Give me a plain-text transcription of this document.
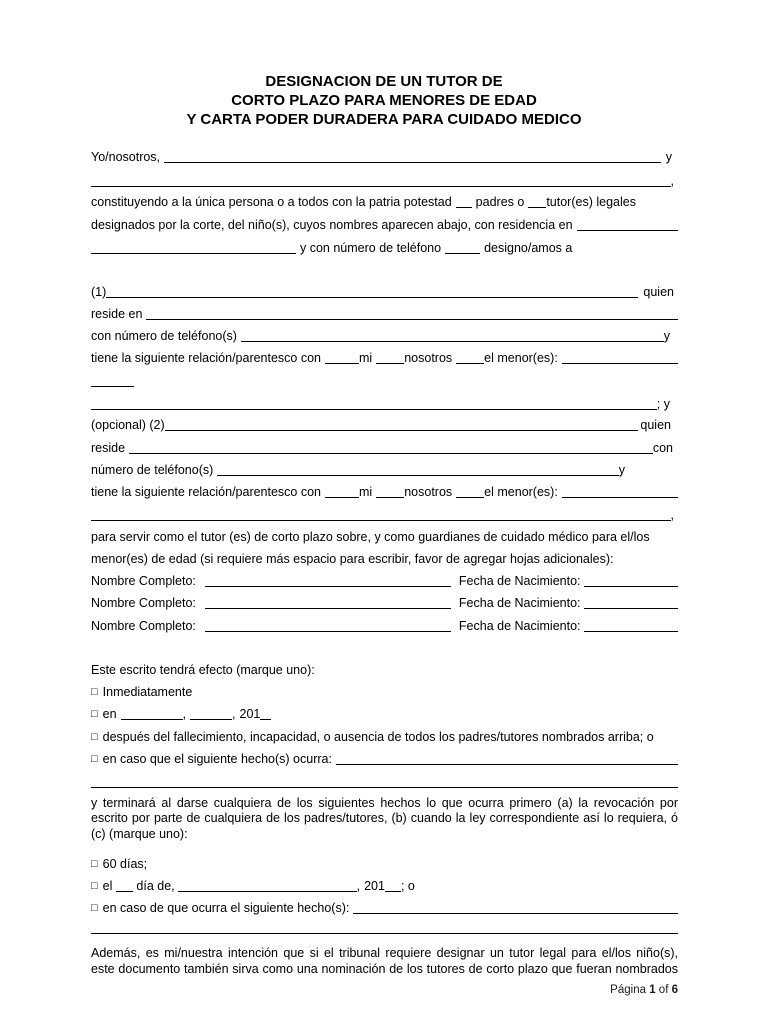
DESIGNACION DE UN TUTOR DE
CORTO PLAZO PARA MENORES DE EDAD
Y CARTA PODER DURADERA PARA CUIDADO MEDICO
Yo/nosotros,	y
,
constituyendo a la única persona o a todos con la patria potestad padres o tutor(es) legales
designados por la corte, del niño(s), cuyos nombres aparecen abajo, con residencia en
y con número de teléfono	designo/amos a
(1)	quien
reside en
con número de teléfono(s)	y
tiene la siguiente relación/parentesco con	mi	nosotros	el menor(es):
; y
(opcional) (2)	quien
reside	con
número de teléfono(s)	y
tiene la siguiente relación/parentesco con	mi	nosotros	el menor(es):
,
para servir como el tutor (es) de corto plazo sobre, y como guardianes de cuidado médico para el/los
menor(es) de edad (si requiere más espacio para escribir, favor de agregar hojas adicionales):
Nombre Completo:	Fecha de Nacimiento:
Nombre Completo:	Fecha de Nacimiento:
Nombre Completo:	Fecha de Nacimiento:
Este escrito tendrá efecto (marque uno):
□ Inmediatamente
□ en	,	, 201
□ después del fallecimiento, incapacidad, o ausencia de todos los padres/tutores nombrados arriba; o
□ en caso que el siguiente hecho(s) ocurra:
y terminará al darse cualquiera de los siguientes hechos lo que ocurra primero (a) la revocación por
escrito por parte de cualquiera de los padres/tutores, (b) cuando la ley correspondiente así lo requiera, ó
(c) (marque uno):
□ 60 días;
□ el día de,	, 201 ; o
□ en caso de que ocurra el siguiente hecho(s):
Además, es mi/nuestra intención que si el tribunal requiere designar un tutor legal para el/los niño(s),
este documento también sirva como una nominación de los tutores de corto plazo que fueran nombrados
Página 1 of 6
